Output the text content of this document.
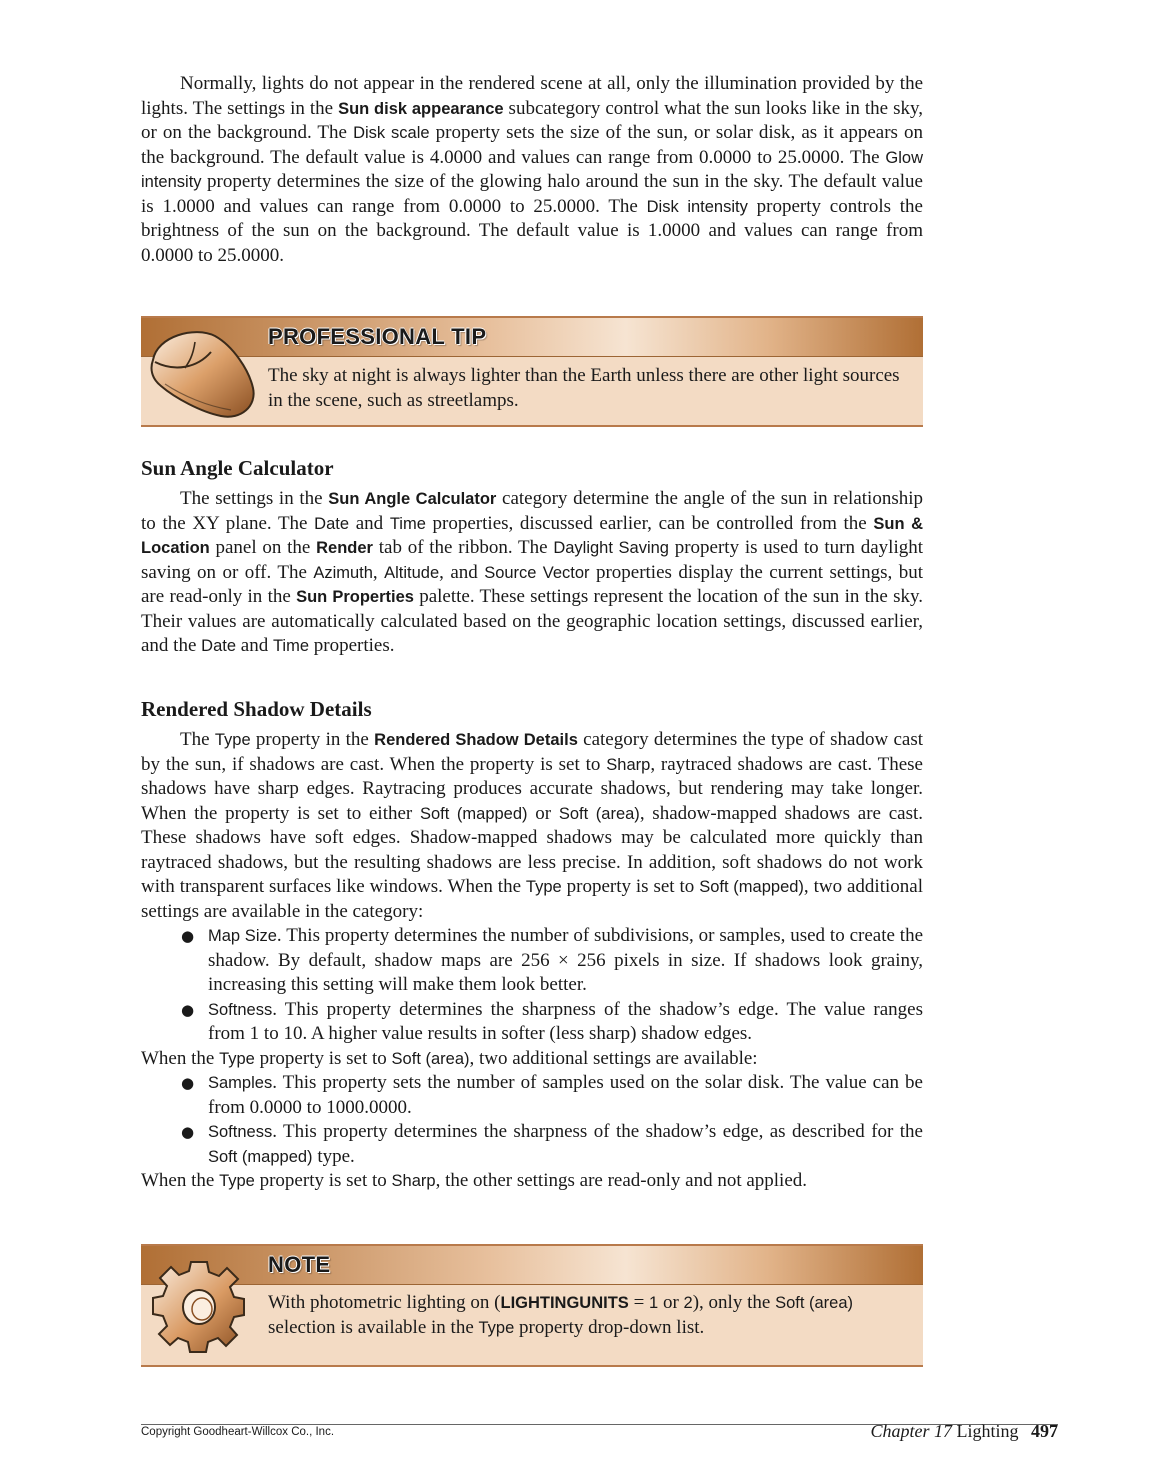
Normally, lights do not appear in the rendered scene at all, only the illumination provided by the lights. The settings in the Sun disk appearance subcategory control what the sun looks like in the sky, or on the background. The Disk scale property sets the size of the sun, or solar disk, as it appears on the background. The default value is 4.0000 and values can range from 0.0000 to 25.0000. The Glow intensity property determines the size of the glowing halo around the sun in the sky. The default value is 1.0000 and values can range from 0.0000 to 25.0000. The Disk intensity property controls the brightness of the sun on the background. The default value is 1.0000 and values can range from 0.0000 to 25.0000.

PROFESSIONAL TIP

The sky at night is always lighter than the Earth unless there are other light sources in the scene, such as streetlamps.

Sun Angle Calculator

The settings in the Sun Angle Calculator category determine the angle of the sun in relationship to the XY plane. The Date and Time properties, discussed earlier, can be controlled from the Sun & Location panel on the Render tab of the ribbon. The Daylight Saving property is used to turn daylight saving on or off. The Azimuth, Altitude, and Source Vector properties display the current settings, but are read-only in the Sun Properties palette. These settings represent the location of the sun in the sky. Their values are automatically calculated based on the geographic location settings, discussed earlier, and the Date and Time properties.

Rendered Shadow Details

The Type property in the Rendered Shadow Details category determines the type of shadow cast by the sun, if shadows are cast. When the property is set to Sharp, raytraced shadows are cast. These shadows have sharp edges. Raytracing produces accurate shadows, but rendering may take longer. When the property is set to either Soft (mapped) or Soft (area), shadow-mapped shadows are cast. These shadows have soft edges. Shadow-mapped shadows may be calculated more quickly than raytraced shadows, but the resulting shadows are less precise. In addition, soft shadows do not work with transparent surfaces like windows. When the Type property is set to Soft (mapped), two additional settings are available in the category:

● Map Size. This property determines the number of subdivisions, or samples, used to create the shadow. By default, shadow maps are 256 × 256 pixels in size. If shadows look grainy, increasing this setting will make them look better.
● Softness. This property determines the sharpness of the shadow’s edge. The value ranges from 1 to 10. A higher value results in softer (less sharp) shadow edges.

When the Type property is set to Soft (area), two additional settings are available:

● Samples. This property sets the number of samples used on the solar disk. The value can be from 0.0000 to 1000.0000.
● Softness. This property determines the sharpness of the shadow’s edge, as described for the Soft (mapped) type.

When the Type property is set to Sharp, the other settings are read-only and not applied.

NOTE

With photometric lighting on (LIGHTINGUNITS = 1 or 2), only the Soft (area) selection is available in the Type property drop-down list.

Copyright Goodheart-Willcox Co., Inc.	Chapter 17 Lighting 497
